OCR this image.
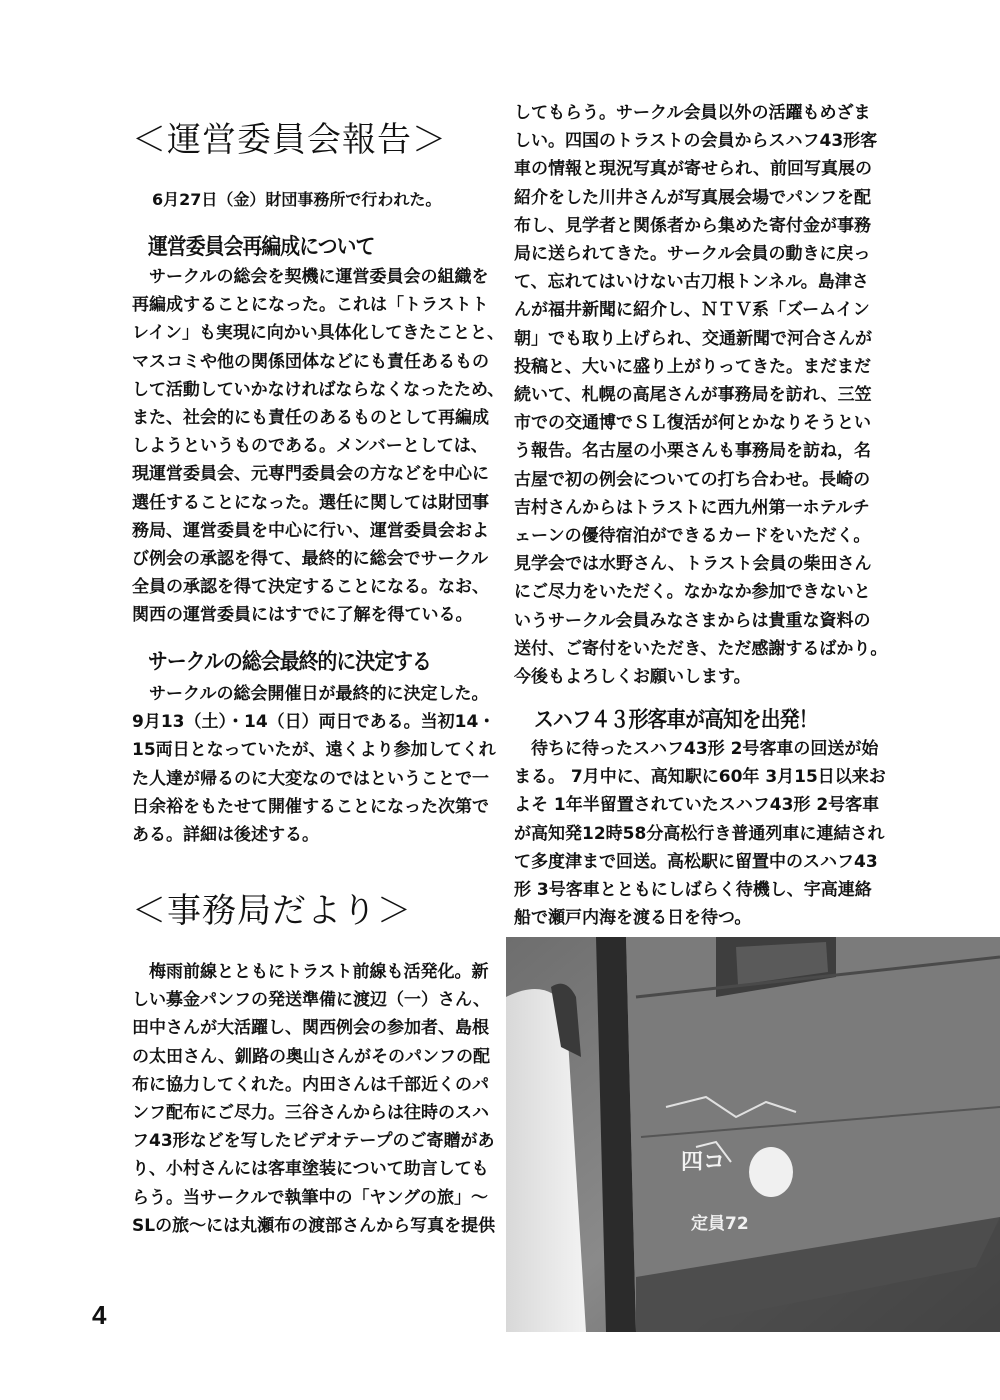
＜運営委員会報告＞
6月27日（金）財団事務所で行われた。
運営委員会再編成について
　サークルの総会を契機に運営委員会の組織を
再編成することになった。これは「トラストト
レイン」も実現に向かい具体化してきたことと、
マスコミや他の関係団体などにも責任あるもの
して活動していかなければならなくなったため、
また、社会的にも責任のあるものとして再編成
しようというものである。メンバーとしては、
現運営委員会、元専門委員会の方などを中心に
選任することになった。選任に関しては財団事
務局、運営委員を中心に行い、運営委員会およ
び例会の承認を得て、最終的に総会でサークル
全員の承認を得て決定することになる。なお、
関西の運営委員にはすでに了解を得ている。
サークルの総会最終的に決定する
　サークルの総会開催日が最終的に決定した。
9月13（土）・14（日）両日である。当初14・
15両日となっていたが、遠くより参加してくれ
た人達が帰るのに大変なのではということで一
日余裕をもたせて開催することになった次第で
ある。詳細は後述する。
＜事務局だより＞
　梅雨前線とともにトラスト前線も活発化。新
しい募金パンフの発送準備に渡辺（一）さん、
田中さんが大活躍し、関西例会の参加者、島根
の太田さん、釧路の奥山さんがそのパンフの配
布に協力してくれた。内田さんは千部近くのパ
ンフ配布にご尽力。三谷さんからは往時のスハ
フ43形などを写したビデオテープのご寄贈があ
り、小村さんには客車塗装について助言しても
らう。当サークルで執筆中の「ヤングの旅」〜
SLの旅〜には丸瀬布の渡部さんから写真を提供
してもらう。サークル会員以外の活躍もめざま
しい。四国のトラストの会員からスハフ43形客
車の情報と現況写真が寄せられ、前回写真展の
紹介をした川井さんが写真展会場でパンフを配
布し、見学者と関係者から集めた寄付金が事務
局に送られてきた。サークル会員の動きに戻っ
て、忘れてはいけない古刀根トンネル。島津さ
んが福井新聞に紹介し、ＮＴＶ系「ズームイン
朝」でも取り上げられ、交通新聞で河合さんが
投稿と、大いに盛り上がりってきた。まだまだ
続いて、札幌の高尾さんが事務局を訪れ、三笠
市での交通博でＳＬ復活が何とかなりそうとい
う報告。名古屋の小栗さんも事務局を訪ね，名
古屋で初の例会についての打ち合わせ。長崎の
吉村さんからはトラストに西九州第一ホテルチ
ェーンの優待宿泊ができるカードをいただく。
見学会では水野さん、トラスト会員の柴田さん
にご尽力をいただく。なかなか参加できないと
いうサークル会員みなさまからは貴重な資料の
送付、ご寄付をいただき、ただ感謝するばかり。
今後もよろしくお願いします。
スハフ４３形客車が高知を出発！
　待ちに待ったスハフ43形 2号客車の回送が始
まる。 7月中に、高知駅に60年 3月15日以来お
よそ 1年半留置されていたスハフ43形 2号客車
が高知発12時58分高松行き普通列車に連結され
て多度津まで回送。高松駅に留置中のスハフ43
形 3号客車とともにしばらく待機し、宇高連絡
船で瀬戸内海を渡る日を待つ。
四コ
定員72
4
